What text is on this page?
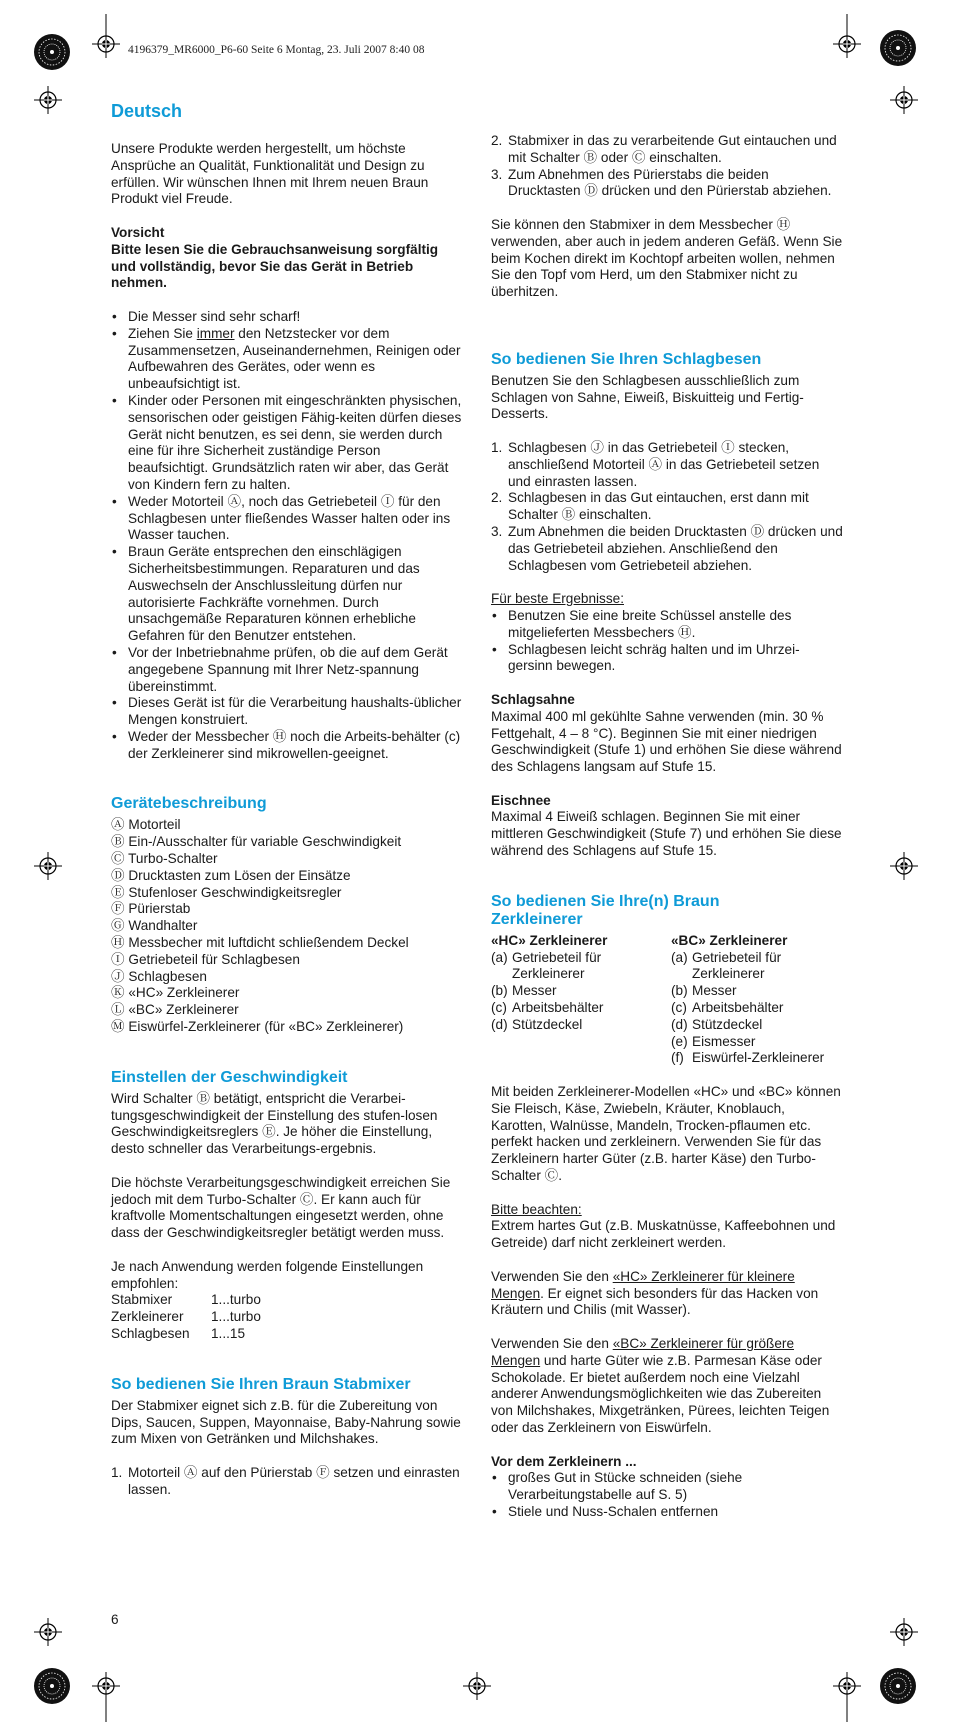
4196379_MR6000_P6-60 Seite 6 Montag, 23. Juli 2007 8:40 08
Deutsch

Unsere Produkte werden hergestellt, um höchste Ansprüche an Qualität, Funktionalität und Design zu erfüllen. Wir wünschen Ihnen mit Ihrem neuen Braun Produkt viel Freude.

Vorsicht

Bitte lesen Sie die Gebrauchsanweisung sorgfältig und vollständig, bevor Sie das Gerät in Betrieb nehmen.

• Die Messer sind sehr scharf!
• Ziehen Sie immer den Netzstecker vor dem Zusammensetzen, Auseinandernehmen, Reinigen oder Aufbewahren des Gerätes, oder wenn es unbeaufsichtigt ist.
• Kinder oder Personen mit eingeschränkten physischen, sensorischen oder geistigen Fähig-keiten dürfen dieses Gerät nicht benutzen, es sei denn, sie werden durch eine für ihre Sicherheit zuständige Person beaufsichtigt. Grundsätzlich raten wir aber, das Gerät von Kindern fern zu halten.
• Weder Motorteil Ⓐ, noch das Getriebeteil Ⓘ für den Schlagbesen unter fließendes Wasser halten oder ins Wasser tauchen.
• Braun Geräte entsprechen den einschlägigen Sicherheitsbestimmungen. Reparaturen und das Auswechseln der Anschlussleitung dürfen nur autorisierte Fachkräfte vornehmen. Durch unsachgemäße Reparaturen können erhebliche Gefahren für den Benutzer entstehen.
• Vor der Inbetriebnahme prüfen, ob die auf dem Gerät angegebene Spannung mit Ihrer Netz-spannung übereinstimmt.
• Dieses Gerät ist für die Verarbeitung haushalts-üblicher Mengen konstruiert.
• Weder der Messbecher Ⓗ noch die Arbeits-behälter (c) der Zerkleinerer sind mikrowellen-geeignet.
Gerätebeschreibung
Ⓐ Motorteil
Ⓑ Ein-/Ausschalter für variable Geschwindigkeit
Ⓒ Turbo-Schalter
Ⓓ Drucktasten zum Lösen der Einsätze
Ⓔ Stufenloser Geschwindigkeitsregler
Ⓕ Pürierstab
Ⓖ Wandhalter
Ⓗ Messbecher mit luftdicht schließendem Deckel
Ⓘ Getriebeteil für Schlagbesen
Ⓙ Schlagbesen
Ⓚ «HC» Zerkleinerer
Ⓛ «BC» Zerkleinerer
Ⓜ Eiswürfel-Zerkleinerer (für «BC» Zerkleinerer)
Einstellen der Geschwindigkeit

Wird Schalter Ⓑ betätigt, entspricht die Verarbei-tungsgeschwindigkeit der Einstellung des stufen-losen Geschwindigkeitsreglers Ⓔ. Je höher die Einstellung, desto schneller das Verarbeitungs-ergebnis.

Die höchste Verarbeitungsgeschwindigkeit erreichen Sie jedoch mit dem Turbo-Schalter Ⓒ. Er kann auch für kraftvolle Momentschaltungen eingesetzt werden, ohne dass der Geschwindigkeitsregler betätigt werden muss.

Je nach Anwendung werden folgende Einstellungen empfohlen:

Stabmixer	1...turbo
Zerkleinerer	1...turbo
Schlagbesen	1...15
So bedienen Sie Ihren Braun Stabmixer

Der Stabmixer eignet sich z.B. für die Zubereitung von Dips, Saucen, Suppen, Mayonnaise, Baby-Nahrung sowie zum Mixen von Getränken und Milchshakes.

1. Motorteil Ⓐ auf den Pürierstab Ⓕ setzen und einrasten lassen.
2. Stabmixer in das zu verarbeitende Gut eintauchen und mit Schalter Ⓑ oder Ⓒ einschalten.
3. Zum Abnehmen des Pürierstabs die beiden Drucktasten Ⓓ drücken und den Pürierstab abziehen.

Sie können den Stabmixer in dem Messbecher Ⓗ verwenden, aber auch in jedem anderen Gefäß. Wenn Sie beim Kochen direkt im Kochtopf arbeiten wollen, nehmen Sie den Topf vom Herd, um den Stabmixer nicht zu überhitzen.

So bedienen Sie Ihren Schlagbesen

Benutzen Sie den Schlagbesen ausschließlich zum Schlagen von Sahne, Eiweiß, Biskuitteig und Fertig-Desserts.

1. Schlagbesen Ⓙ in das Getriebeteil Ⓘ stecken, anschließend Motorteil Ⓐ in das Getriebeteil setzen und einrasten lassen.
2. Schlagbesen in das Gut eintauchen, erst dann mit Schalter Ⓑ einschalten.
3. Zum Abnehmen die beiden Drucktasten Ⓓ drücken und das Getriebeteil abziehen. Anschließend den Schlagbesen vom Getriebeteil abziehen.

Für beste Ergebnisse:

• Benutzen Sie eine breite Schüssel anstelle des mitgelieferten Messbechers Ⓗ.
• Schlagbesen leicht schräg halten und im Uhrzei-gersinn bewegen.

Schlagsahne

Maximal 400 ml gekühlte Sahne verwenden (min. 30 % Fettgehalt, 4 – 8 °C). Beginnen Sie mit einer niedrigen Geschwindigkeit (Stufe 1) und erhöhen Sie diese während des Schlagens langsam auf Stufe 15.

Eischnee

Maximal 4 Eiweiß schlagen. Beginnen Sie mit einer mittleren Geschwindigkeit (Stufe 7) und erhöhen Sie diese während des Schlagens auf Stufe 15.

So bedienen Sie Ihre(n) Braun Zerkleinerer

«HC» Zerkleinerer

(a) Getriebeteil für Zerkleinerer
(b) Messer
(c) Arbeitsbehälter
(d) Stützdeckel

«BC» Zerkleinerer

(a) Getriebeteil für Zerkleinerer
(b) Messer
(c) Arbeitsbehälter
(d) Stützdeckel
(e) Eismesser
(f) Eiswürfel-Zerkleinerer

Mit beiden Zerkleinerer-Modellen «HC» und «BC» können Sie Fleisch, Käse, Zwiebeln, Kräuter, Knoblauch, Karotten, Walnüsse, Mandeln, Trocken-pflaumen etc. perfekt hacken und zerkleinern. Verwenden Sie für das Zerkleinern harter Güter (z.B. harter Käse) den Turbo-Schalter Ⓒ.

Bitte beachten:

Extrem hartes Gut (z.B. Muskatnüsse, Kaffeebohnen und Getreide) darf nicht zerkleinert werden.

Verwenden Sie den «HC» Zerkleinerer für kleinere Mengen. Er eignet sich besonders für das Hacken von Kräutern und Chilis (mit Wasser).

Verwenden Sie den «BC» Zerkleinerer für größere Mengen und harte Güter wie z.B. Parmesan Käse oder Schokolade. Er bietet außerdem noch eine Vielzahl anderer Anwendungsmöglichkeiten wie das Zubereiten von Milchshakes, Mixgetränken, Pürees, leichten Teigen oder das Zerkleinern von Eiswürfeln.

Vor dem Zerkleinern ...

• großes Gut in Stücke schneiden (siehe Verarbeitungstabelle auf S. 5)
• Stiele und Nuss-Schalen entfernen
6
